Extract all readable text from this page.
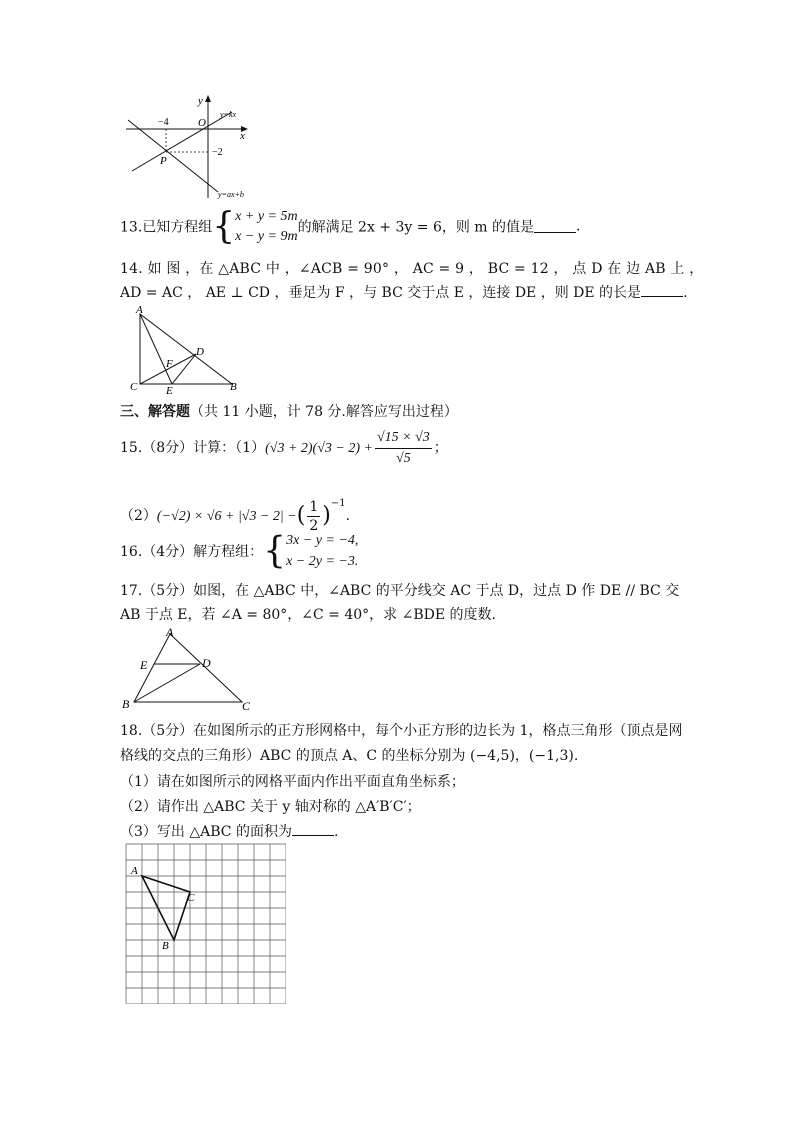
y
x
O
−4
−2
P
y=kx
y=ax+b
13.已知方程组{ x + y = 5m
x − y = 9m
的解满足 2x + 3y = 6，则 m 的值是	.
14. 如 图 ，在 △ABC 中 ，∠ACB = 90° ， AC = 9 ， BC = 12 ， 点 D 在 边 AB 上 ，
AD = AC ， AE ⊥ CD ，垂足为 F ，与 BC 交于点 E ，连接 DE ，则 DE 的长是	.
A
B
C
D
E
F
三、解答题（共 11 小题，计 78 分.解答应写出过程）
15.（8分）计算：$(1)(√3 + 2)(√3 - 2) + \frac{√15 \times √3}{√5}$ ；
（2）(−√2) × √6 + |√3 − 2| −( $\frac{1}{2} )^{-1}$.
16.（4分）解方程组：{ 3x − y = −4,
x − 2y = −3.
17.（5分）如图，在 △ABC 中，∠ABC 的平分线交 AC 于点 D，过点 D 作 DE // BC 交
AB 于点 E，若 ∠A = 80°，∠C = 40°，求 ∠BDE 的度数.
A
B	C
D
E
18.（5分）在如图所示的正方形网格中，每个小正方形的边长为 1，格点三角形（顶点是网
格线的交点的三角形）ABC 的顶点 A、C 的坐标分别为 (−4,5)，(−1,3).
（1）请在如图所示的网格平面内作出平面直角坐标系；
（2）请作出 △ABC 关于 y 轴对称的 △A′B′C′；
（3）写出 △ABC 的面积为	.
A
B
C
